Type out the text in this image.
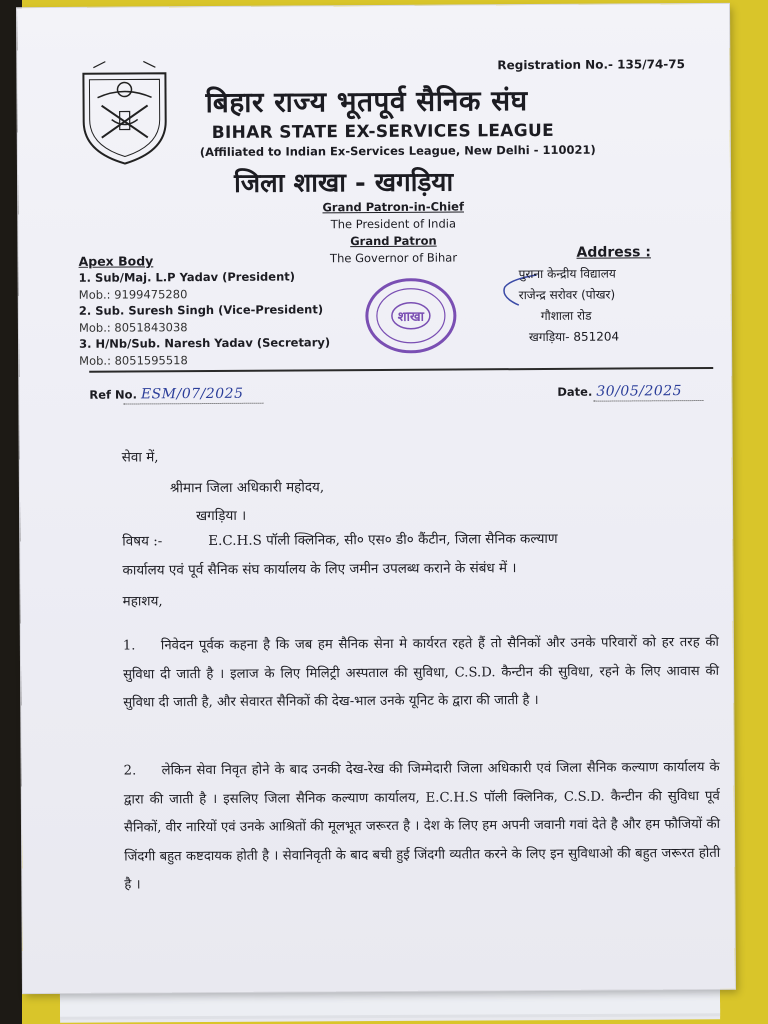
Registration No.- 135/74-75
बिहार राज्य भूतपूर्व सैनिक संघ
BIHAR STATE EX-SERVICES LEAGUE
(Affiliated to Indian Ex-Services League, New Delhi - 110021)
जिला शाखा - खगड़िया
Grand Patron-in-Chief
The President of India
Grand Patron
The Governor of Bihar
Apex Body
1. Sub/Maj. L.P Yadav (President)
Mob.: 9199475280
2. Sub. Suresh Singh (Vice-President)
Mob.: 8051843038
3. H/Nb/Sub. Naresh Yadav (Secretary)
Mob.: 8051595518
शाखा
Address :
पुराना केन्द्रीय विद्यालय
राजेन्द्र सरोवर (पोखर)
गौशाला रोड
खगड़िया- 851204
Ref No. ESM/07/2025	Date. 30/05/2025
सेवा में,
श्रीमान जिला अधिकारी महोदय,
खगड़िया ।
विषय :-	E.C.H.S पॉली क्लिनिक, सी० एस० डी० कैंटीन, जिला सैनिक कल्याण
कार्यालय एवं पूर्व सैनिक संघ कार्यालय के लिए जमीन उपलब्ध कराने के संबंध में ।
महाशय,
1. निवेदन पूर्वक कहना है कि जब हम सैनिक सेना मे कार्यरत रहते हैं तो सैनिकों और उनके परिवारों को हर तरह की सुविधा दी जाती है । इलाज के लिए मिलिट्री अस्पताल की सुविधा, C.S.D. कैन्टीन की सुविधा, रहने के लिए आवास की सुविधा दी जाती है, और सेवारत सैनिकों की देख-भाल उनके यूनिट के द्वारा की जाती है ।
2. लेकिन सेवा निवृत होने के बाद उनकी देख-रेख की जिम्मेदारी जिला अधिकारी एवं जिला सैनिक कल्याण कार्यालय के द्वारा की जाती है । इसलिए जिला सैनिक कल्याण कार्यालय, E.C.H.S पॉली क्लिनिक, C.S.D. कैन्टीन की सुविधा पूर्व सैनिकों, वीर नारियों एवं उनके आश्रितों की मूलभूत जरूरत है । देश के लिए हम अपनी जवानी गवां देते है और हम फौजियों की जिंदगी बहुत कष्टदायक होती है । सेवानिवृती के बाद बची हुई जिंदगी व्यतीत करने के लिए इन सुविधाओ की बहुत जरूरत होती है ।
